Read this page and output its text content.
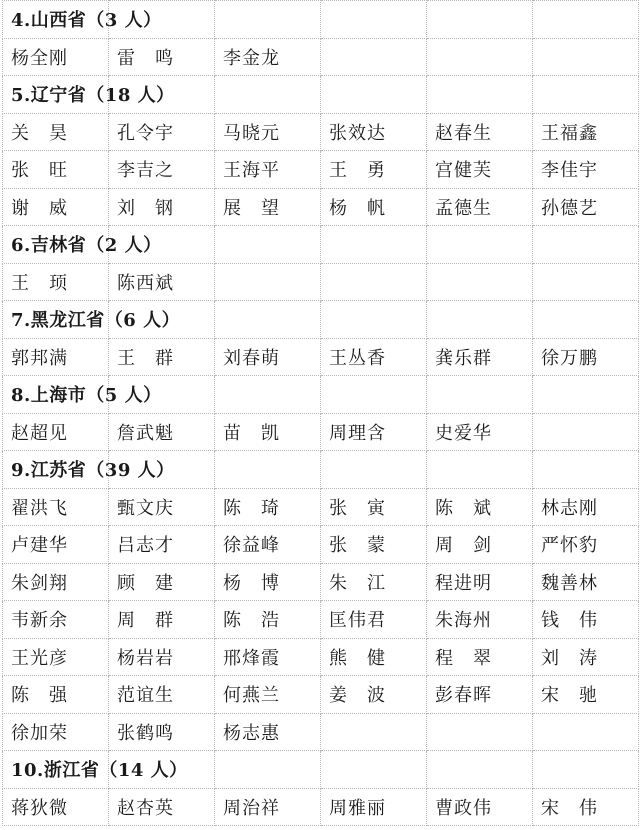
4.山西省（3 人）					
杨全刚	雷　鸣	李金龙			
5.辽宁省（18 人）					
关　昊	孔令宇	马晓元	张效达	赵春生	王福鑫
张　旺	李吉之	王海平	王　勇	宫健芙	李佳宇
谢　威	刘　钢	展　望	杨　帆	孟德生	孙德艺
6.吉林省（2 人）					
王　顼	陈西斌				
7.黑龙江省（6 人）					
郭邦满	王　群	刘春萌	王丛香	龚乐群	徐万鹏
8.上海市（5 人）					
赵超见	詹武魁	苗　凯	周理含	史爱华	
9.江苏省（39 人）					
翟洪飞	甄文庆	陈　琦	张　寅	陈　斌	林志刚
卢建华	吕志才	徐益峰	张　蒙	周　剑	严怀豹
朱剑翔	顾　建	杨　博	朱　江	程进明	魏善林
韦新余	周　群	陈　浩	匡伟君	朱海州	钱　伟
王光彦	杨岩岩	邢烽霞	熊　健	程　翠	刘　涛
陈　强	范谊生	何燕兰	姜　波	彭春晖	宋　驰
徐加荣	张鹤鸣	杨志惠			
10.浙江省（14 人）					
蒋狄微	赵杏英	周治祥	周雅丽	曹政伟	宋　伟
